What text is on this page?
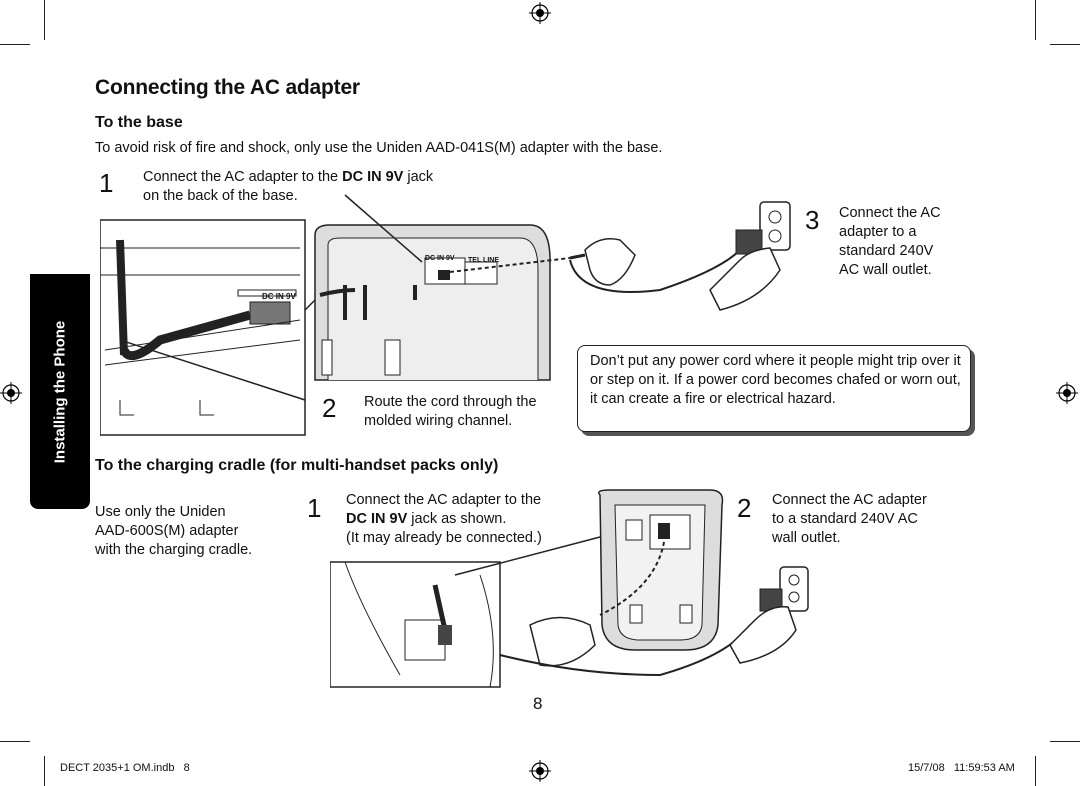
Installing the Phone
Connecting the AC adapter
To the base
To avoid risk of fire and shock, only use the Uniden AAD-041S(M) adapter with the base.
1 Connect the AC adapter to the DC IN 9V jack
on the back of the base.
DC IN 9V TEL LINE
DC IN 9V
3 Connect the AC
adapter to a
standard 240V
AC wall outlet.
2 Route the cord through the
molded wiring channel.
Don’t put any power cord where it people might trip over it or step on it. If a power cord becomes chafed or worn out, it can create a fire or electrical hazard.
To the charging cradle (for multi-handset packs only)
Use only the Uniden
AAD-600S(M) adapter
with the charging cradle.
1 Connect the AC adapter to the
DC IN 9V jack as shown.
(It may already be connected.)
2 Connect the AC adapter
to a standard 240V AC
wall outlet.
8
DECT 2035+1 OM.indb   8	15/7/08   11:59:53 AM
